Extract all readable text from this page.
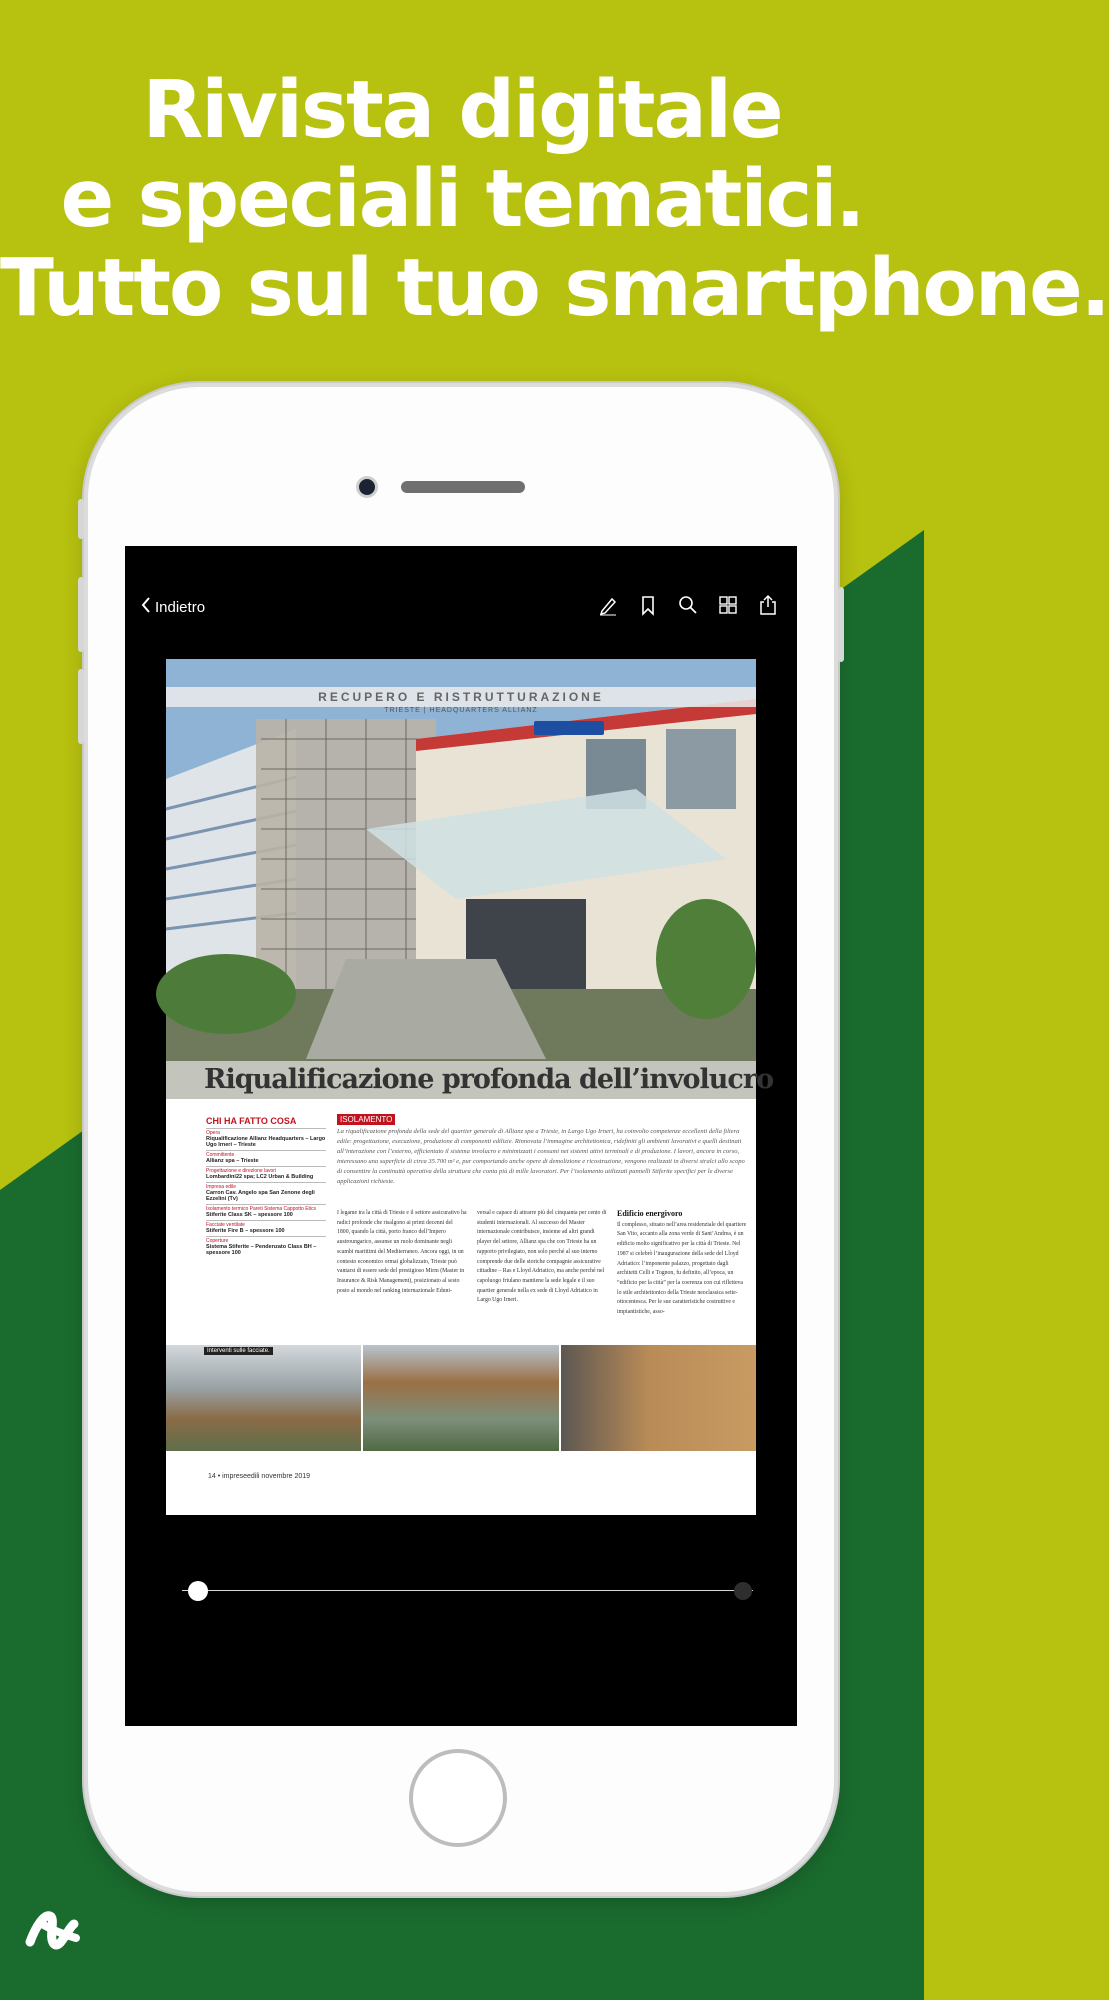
Rivista digitale
e speciali tematici.
Tutto sul tuo smartphone.
Indietro
RECUPERO E RISTRUTTURAZIONE
TRIESTE | HEADQUARTERS ALLIANZ
Riqualificazione profonda dell’involucro
CHI HA FATTO COSA
Opera
Riqualificazione Allianz Headquarters – Largo Ugo Irneri – Trieste
Committente
Allianz spa – Trieste
Progettazione e direzione lavori
Lombardini22 spa; LC2 Urban & Building
Impresa edile
Carron Cav. Angelo spa San Zenone degli Ezzelini (Tv)
Isolamento termico Pareti Sistema Cappotto Etics
Stiferite Class SK – spessore 100
Facciate ventilate
Stiferite Fire B – spessore 100
Coperture
Sistema Stiferite – Pendenzato Class BH – spessore 100
ISOLAMENTO
La riqualificazione profonda della sede del quartier generale di Allianz spa a Trieste, in Largo Ugo Irneri, ha coinvolto competenze eccellenti della filiera edile: progettazione, esecuzione, produzione di componenti edilizie. Rinnovata l’immagine architettonica, ridefiniti gli ambienti lavorativi e quelli destinati all’interazione con l’esterno, efficientato il sistema involucro e minimizzati i consumi nei sistemi attivi terminali e di produzione. I lavori, ancora in corso, interessano una superficie di circa 35.700 m² e, pur comportando anche opere di demolizione e ricostruzione, vengono realizzati in diversi stralci allo scopo di consentire la continuità operativa della struttura che conta più di mille lavoratori. Per l’isolamento utilizzati pannelli Stiferite specifici per le diverse applicazioni richieste.
I legame tra la città di Trieste e il settore assicurativo ha radici profonde che risalgono ai primi decenni del 1800, quando la città, porto franco dell’Impero austroungarico, assunse un ruolo dominante negli scambi marittimi del Mediterraneo. Ancora oggi, in un contesto economico ormai globalizzato, Trieste può vantarsi di essere sede del prestigioso Mirm (Master in Insurance & Risk Management), posizionato al sesto posto al mondo nel ranking internazionale Eduni-
versal e capace di attrarre più del cinquanta per cento di studenti internazionali. Al successo del Master internazionale contribuisce, insieme ad altri grandi player del settore, Allianz spa che con Trieste ha un rapporto privilegiato, non solo perché al suo interno comprende due delle storiche compagnie assicurative cittadine – Ras e Lloyd Adriatico, ma anche perché nel capoluogo friulano mantiene la sede legale e il suo quartier generale nella ex sede di Lloyd Adriatico in Largo Ugo Irneri.
Edificio energivoro
Il complesso, situato nell’area residenziale del quartiere San Vito, accanto alla zona verde di Sant’Andrea, è un edificio molto significativo per la città di Trieste. Nel 1987 si celebrò l’inaugurazione della sede del Lloyd Adriatico: l’imponente palazzo, progettato dagli architetti Celli e Tognon, fu definito, all’epoca, un “edificio per la città” per la coerenza con cui rifletteva lo stile architettonico della Trieste neoclassica sette-ottocentesca. Per le sue caratteristiche costruttive e impiantistiche, asso-
Interventi sulle facciate.
14 • impreseedili novembre 2019
